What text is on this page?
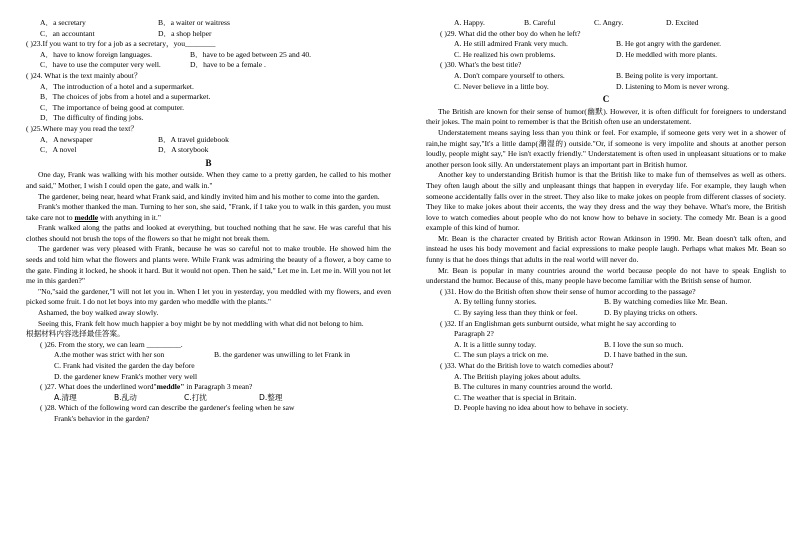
A．a secretary	B．a waiter or waitress
C．an accountant	D．a shop helper
( )23.If you want to try for a job as a secretary，you________
A．have to know foreign languages.	B．have to be aged between 25 and 40.
C．have to use the computer very well.	D．have to be a female .
( )24. What is the text mainly about？
A．The introduction of a hotel and a supermarket.
B．The choices of jobs from a hotel and a supermarket.
C．The importance of being good at computer.
D．The difficulty of finding jobs.
( )25.Where may you read the text？
A．A newspaper	B．A travel guidebook
C．A novel	D．A storybook
B

One day, Frank was walking with his mother outside. When they came to a pretty garden, he called to his mother and said," Mother, I wish I could open the gate, and walk in."

The gardener, being near, heard what Frank said, and kindly invited him and his mother to come into the garden.

Frank's mother thanked the man. Turning to her son, she said, "Frank, if I take you to walk in this garden, you must take care not to meddle with anything in it."

Frank walked along the paths and looked at everything, but touched nothing that he saw. He was careful that his clothes should not brush the tops of the flowers so that he might not break them.

The gardener was very pleased with Frank, because he was so careful not to make trouble. He showed him the seeds and told him what the flowers and plants were. While Frank was admiring the beauty of a flower, a boy came to the gate. Finding it locked, he shook it hard. But it would not open. Then he said," Let me in. Let me in. Will you not let me in this garden?"

"No,"said the gardener,"I will not let you in. When I let you in yesterday, you meddled with my flowers, and even picked some fruit. I do not let boys into my garden who meddle with the plants."

Ashamed, the boy walked away slowly.

Seeing this, Frank felt how much happier a boy might be by not meddling with what did not belong to him.

根据材料内容选择最佳答案。
( )26. From the story, we can learn _________.
A.the mother was strict with her son	B. the gardener was unwilling to let Frank in
C. Frank had visited the garden the day before
D. the gardener knew Frank's mother very well
( )27. What does the underlined word"meddle" in Paragraph 3 mean?
A.清理	B.乱动	C.打扰	D.整理
( )28. Which of the following word can describe the gardener's feeling when he saw
Frank's behavior in the garden?
A. Happy.	B. Careful	C. Angry.	D. Excited
( )29. What did the other boy do when he left?
A. He still admired Frank very much.	B. He got angry with the gardener.
C. He realized his own problems.	D. He meddled with more plants.
( )30. What's the best title?
A. Don't compare yourself to others.	B. Being polite is very important.
C. Never believe in a little boy.	D. Listening to Mom is never wrong.
C

The British are known for their sense of humor(幽默). However, it is often difficult for foreigners to understand their jokes. The main point to remember is that the British often use an understatement.

Understatement means saying less than you think or feel. For example, if someone gets very wet in a shower of rain,he might say,"It's a little damp(潮湿的) outside."Or, if someone is very impolite and shouts at another person loudly, people might say," He isn't exactly friendly." Understatement is often used in unpleasant situations or to make another person look silly. An understatement plays an important part in British humor.

Another key to understanding British humor is that the British like to make fun of themselves as well as others. They often laugh about the silly and unpleasant things that happen in everyday life. For example, they laugh when someone accidentally falls over in the street. They also like to make jokes on people from different classes of society. They like to make jokes about their accents, the way they dress and the way they behave. What's more, the British love to watch comedies about people who do not know how to behave in society. The comedy Mr. Bean is a good example of this kind of humor.

Mr. Bean is the character created by British actor Rowan Atkinson in 1990. Mr. Bean doesn't talk often, and instead he uses his body movement and facial expressions to make people laugh. Perhaps what makes Mr. Bean so funny is that he does things that adults in the real world will never do.

Mr. Bean is popular in many countries around the world because people do not have to speak English to understand the humor. Because of this, many people have become familiar with the British sense of humor.

( )31. How do the British often show their sense of humor according to the passage?
A. By telling funny stories.	B. By watching comedies like Mr. Bean.
C. By saying less than they think or feel.	D. By playing tricks on others.
( )32. If an Englishman gets sunburnt outside, what might he say according to
Paragraph 2?
A. It is a little sunny today.	B. I love the sun so much.
C. The sun plays a trick on me.	D. I have bathed in the sun.
( )33. What do the British love to watch comedies about?
A. The British playing jokes about adults.
B. The cultures in many countries around the world.
C. The weather that is special in Britain.
D. People having no idea about how to behave in society.
